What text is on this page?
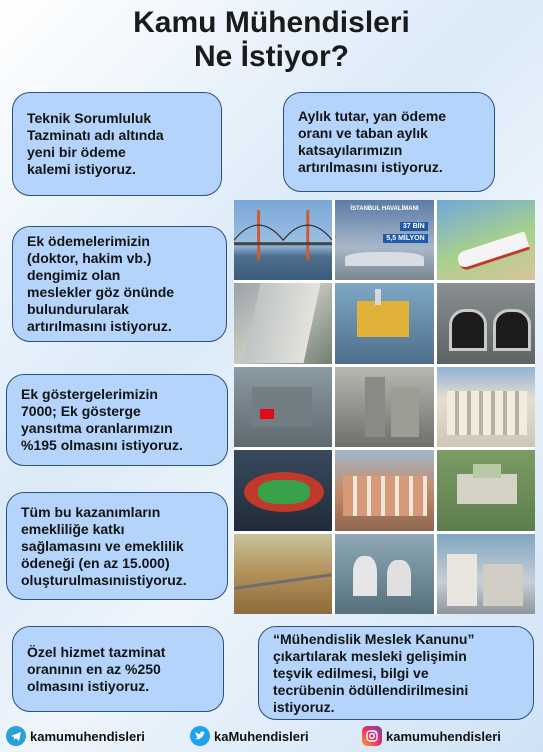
Kamu Mühendisleri
Ne İstiyor?
Teknik Sorumluluk
Tazminatı adı altında
yeni bir ödeme
kalemi istiyoruz.
Aylık tutar, yan ödeme
oranı ve taban aylık
katsayılarımızın
artırılmasını istiyoruz.
Ek ödemelerimizin
(doktor, hakim vb.)
dengimiz olan
meslekler göz önünde
bulundurularak
artırılmasını istiyoruz.
Ek göstergelerimizin
7000; Ek gösterge
yansıtma oranlarımızın
%195 olmasını istiyoruz.
Tüm bu kazanımların
emekliliğe katkı
sağlamasını ve emeklilik
ödeneği (en az 15.000)
oluşturulmasınıistiyoruz.
Özel hizmet tazminat
oranının en az %250
olmasını istiyoruz.
“Mühendislik Meslek Kanunu”
çıkartılarak mesleki gelişimin
teşvik edilmesi, bilgi ve
tecrübenin ödüllendirilmesini
istiyoruz.
İSTANBUL HAVALİMANI
37 BİN
5,5 MİLYON
kamumuhendisleri	kaMuhendisleri	kamumuhendisleri
